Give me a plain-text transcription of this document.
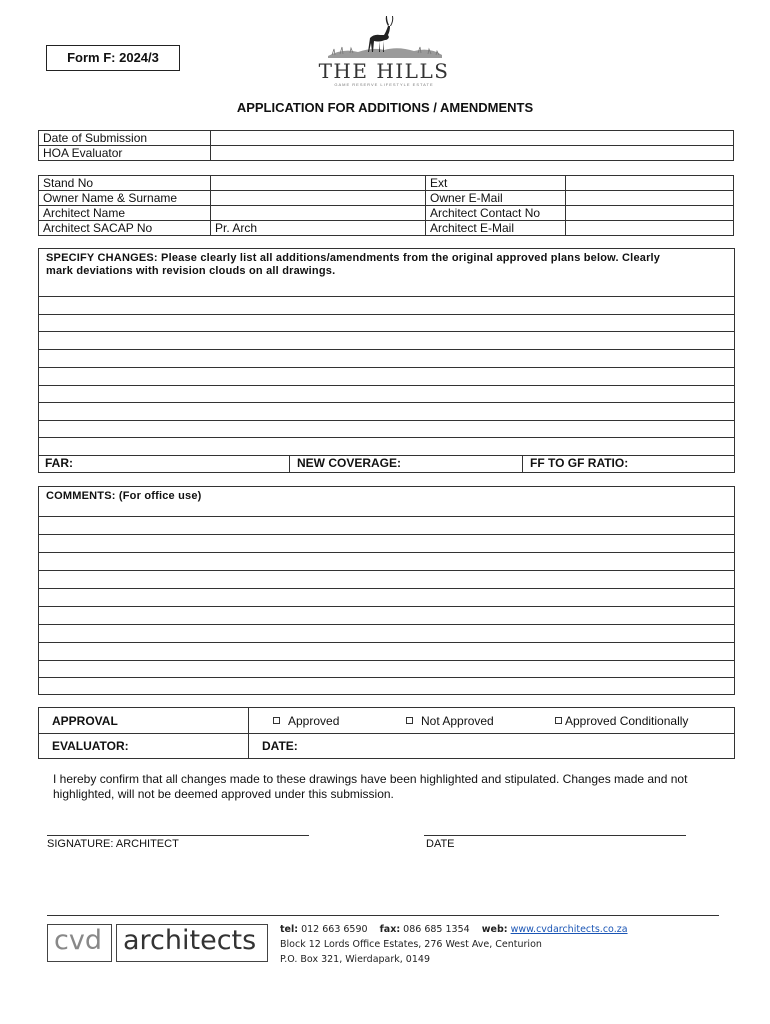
Form F: 2024/3
THE HILLS
GAME RESERVE LIFESTYLE ESTATE
APPLICATION FOR ADDITIONS / AMENDMENTS
Date of Submission	
HOA Evaluator	
Stand No		Ext	
Owner Name & Surname		Owner E-Mail	
Architect Name		Architect Contact No	
Architect SACAP No	Pr. Arch	Architect E-Mail	
SPECIFY CHANGES: Please clearly list all additions/amendments from the original approved plans below. Clearly mark deviations with revision clouds on all drawings.
FAR:	NEW COVERAGE:	FF TO GF RATIO:
COMMENTS: (For office use)
APPROVAL	Approved	Not Approved	Approved Conditionally
EVALUATOR:	DATE:
I hereby confirm that all changes made to these drawings have been highlighted and stipulated. Changes made and not highlighted, will not be deemed approved under this submission.
SIGNATURE: ARCHITECT	DATE
cvd architects	tel: 012 663 6590 fax: 086 685 1354 web: www.cvdarchitects.co.za
Block 12 Lords Office Estates, 276 West Ave, Centurion
P.O. Box 321, Wierdapark, 0149
